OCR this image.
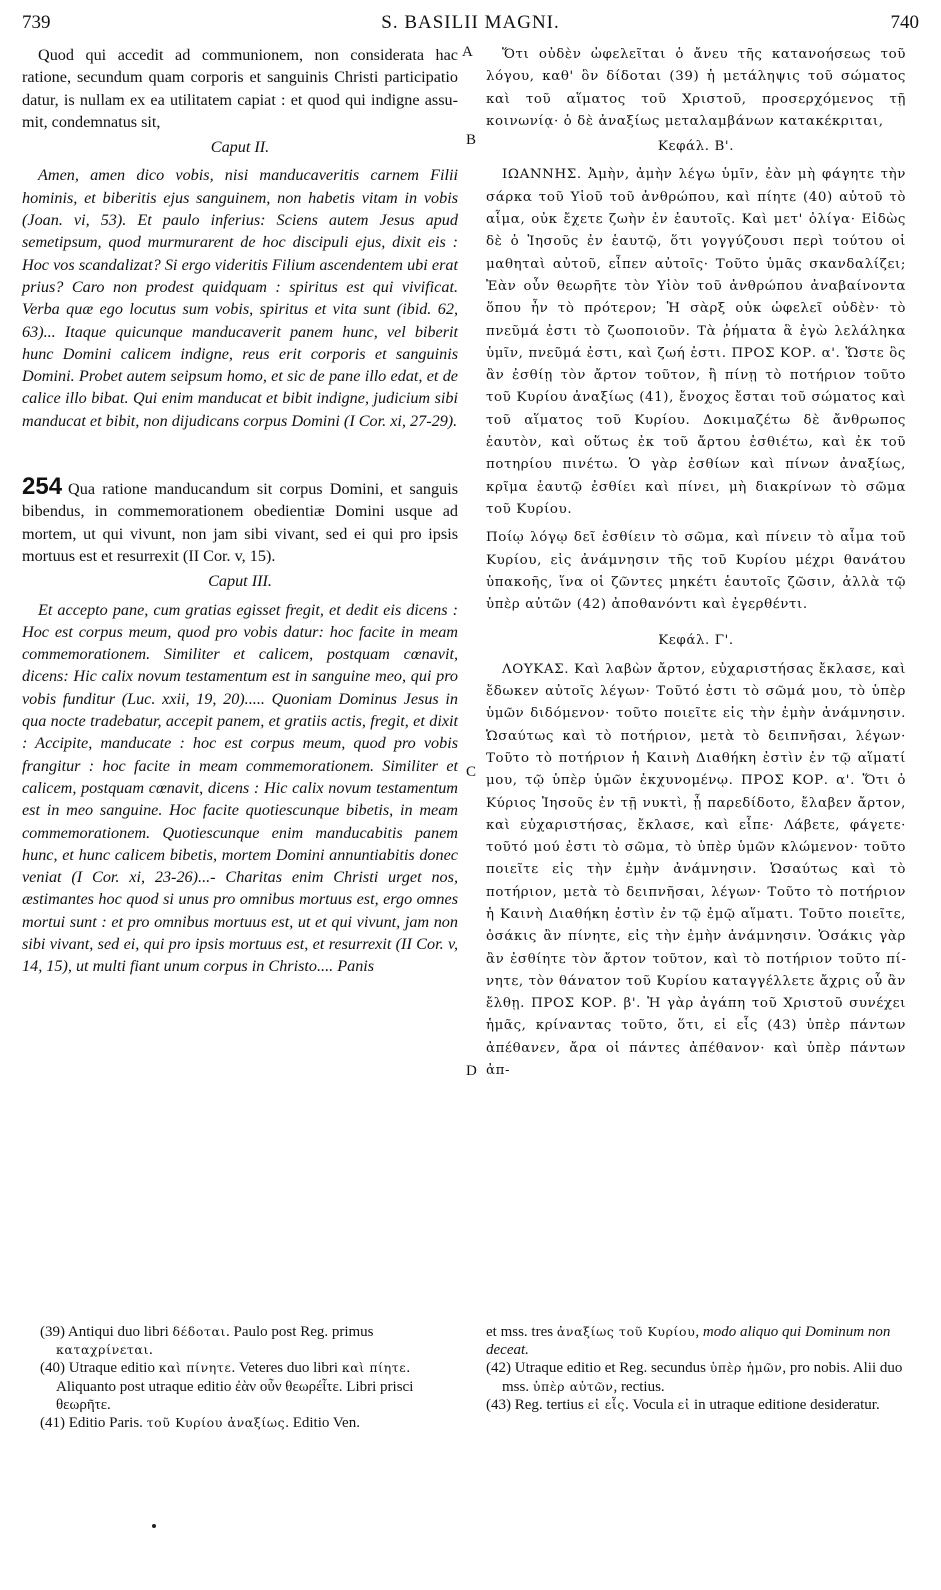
739	S. BASILII MAGNI.	740
A
B
C
D

Quod qui accedit ad communionem, non considerata hac ratione, secundum quam corporis et sanguinis Christi participatio datur, is nullam ex ea utilitatem capiat : et quod qui indigne assumit, condemnatus sit,

Caput II.

Amen, amen dico vobis, nisi manducaveritis carnem Filii hominis, et biberitis ejus sanguinem, non habetis vitam in vobis (Joan. vi, 53). Et paulo inferius: Sciens autem Jesus apud semetipsum, quod murmurarent de hoc discipuli ejus, dixit eis : Hoc vos scandalizat? Si ergo videritis Filium ascendentem ubi erat prius? Caro non prodest quidquam : spiritus est qui vivificat. Verba quæ ego locutus sum vobis, spiritus et vita sunt (ibid. 62, 63)... Itaque quicunque manducaverit panem hunc, vel biberit hunc Domini calicem indigne, reus erit corporis et sanguinis Domini. Probet autem seipsum homo, et sic de pane illo edat, et de calice illo bibat. Qui enim manducat et bibit indigne, judicium sibi manducat et bibit, non dijudicans corpus Domini (I Cor. xi, 27-29).

254 Qua ratione manducandum sit corpus Domini, et sanguis bibendus, in commemorationem obedientiæ Domini usque ad mortem, ut qui vivunt, non jam sibi vivant, sed ei qui pro ipsis mortuus est et resurrexit (II Cor. v, 15).

Caput III.

Et accepto pane, cum gratias egisset fregit, et dedit eis dicens : Hoc est corpus meum, quod pro vobis datur: hoc facite in meam commemorationem. Similiter et calicem, postquam cœnavit, dicens: Hic calix novum testamentum est in sanguine meo, qui pro vobis funditur (Luc. xxii, 19, 20)..... Quoniam Dominus Jesus in qua nocte tradebatur, accepit panem, et gratiis actis, fregit, et dixit : Accipite, manducate : hoc est corpus meum, quod pro vobis frangitur : hoc facite in meam commemorationem. Similiter et calicem, postquam cœnavit, dicens : Hic calix novum testamentum est in meo sanguine. Hoc facite quotiescunque bibetis, in meam commemorationem. Quotiescunque enim manducabitis panem hunc, et hunc calicem bibetis, mortem Domini annuntiabitis donec veniat (I Cor. xi, 23-26)...- Charitas enim Christi urget nos, æstimantes hoc quod si unus pro omnibus mortuus est, ergo omnes mortui sunt : et pro omnibus mortuus est, ut et qui vivunt, jam non sibi vivant, sed ei, qui pro ipsis mortuus est, et resurrexit (II Cor. v, 14, 15), ut multi fiant unum corpus in Christo.... Panis

Ὅτι οὐδὲν ὠφελεῖται ὁ ἄνευ τῆς κατανοήσεως τοῦ λόγου, καθ' ὃν δίδοται (39) ἡ μετάληψις τοῦ σώματος καὶ τοῦ αἵματος τοῦ Χριστοῦ, προσερχόμενος τῇ κοινωνίᾳ· ὁ δὲ ἀναξίως μεταλαμβάνων κατακέκριται,

Κεφάλ. Β'.

ΙΩΑΝΝΗΣ. Ἀμὴν, ἀμὴν λέγω ὑμῖν, ἐὰν μὴ φάγητε τὴν σάρκα τοῦ Υἱοῦ τοῦ ἀνθρώπου, καὶ πίητε (40) αὐτοῦ τὸ αἷμα, οὐκ ἔχετε ζωὴν ἐν ἑαυτοῖς. Καὶ μετ' ὀλίγα· Εἰδὼς δὲ ὁ Ἰησοῦς ἐν ἑαυτῷ, ὅτι γογγύζουσι περὶ τούτου οἱ μαθηταὶ αὐτοῦ, εἶπεν αὐτοῖς· Τοῦτο ὑμᾶς σκανδαλίζει; Ἐὰν οὖν θεωρῆτε τὸν Υἱὸν τοῦ ἀνθρώπου ἀναβαίνοντα ὅπου ἦν τὸ πρότερον; Ἡ σὰρξ οὐκ ὠφελεῖ οὐδὲν· τὸ πνεῦμά ἐστι τὸ ζωοποιοῦν. Τὰ ῥήματα ἃ ἐγὼ λελάληκα ὑμῖν, πνεῦμά ἐστι, καὶ ζωή ἐστι. ΠΡΟΣ ΚΟΡ. α'. Ὥστε ὃς ἂν ἐσθίῃ τὸν ἄρτον τοῦτον, ἢ πίνῃ τὸ ποτήριον τοῦτο τοῦ Κυρίου ἀναξίως (41), ἔνοχος ἔσται τοῦ σώματος καὶ τοῦ αἵματος τοῦ Κυρίου. Δοκιμαζέτω δὲ ἄνθρωπος ἑαυτὸν, καὶ οὕτως ἐκ τοῦ ἄρτου ἐσθιέτω, καὶ ἐκ τοῦ ποτηρίου πινέτω. Ὁ γὰρ ἐσθίων καὶ πίνων ἀναξίως, κρῖμα ἑαυτῷ ἐσθίει καὶ πίνει, μὴ διακρίνων τὸ σῶμα τοῦ Κυρίου.

Ποίῳ λόγῳ δεῖ ἐσθίειν τὸ σῶμα, καὶ πίνειν τὸ αἷμα τοῦ Κυρίου, εἰς ἀνάμνησιν τῆς τοῦ Κυρίου μέχρι θανάτου ὑπακοῆς, ἵνα οἱ ζῶντες μηκέτι ἑαυτοῖς ζῶσιν, ἀλλὰ τῷ ὑπὲρ αὐτῶν (42) ἀποθανόντι καὶ ἐγερθέντι.

Κεφάλ. Γ'.

ΛΟΥΚΑΣ. Καὶ λαβὼν ἄρτον, εὐχαριστήσας ἔκλασε, καὶ ἔδωκεν αὐτοῖς λέγων· Τοῦτό ἐστι τὸ σῶμά μου, τὸ ὑπὲρ ὑμῶν διδόμενον· τοῦτο ποιεῖτε εἰς τὴν ἐμὴν ἀνάμνησιν. Ὡσαύτως καὶ τὸ ποτήριον, μετὰ τὸ δειπνῆσαι, λέγων· Τοῦτο τὸ ποτήριον ἡ Καινὴ Διαθήκη ἐστὶν ἐν τῷ αἵματί μου, τῷ ὑπὲρ ὑμῶν ἐκχυνομένῳ. ΠΡΟΣ ΚΟΡ. α'. Ὅτι ὁ Κύριος Ἰησοῦς ἐν τῇ νυκτὶ, ᾗ παρεδίδοτο, ἔλαβεν ἄρτον, καὶ εὐχαριστήσας, ἔκλασε, καὶ εἶπε· Λάβετε, φάγετε· τοῦτό μού ἐστι τὸ σῶμα, τὸ ὑπὲρ ὑμῶν κλώμενον· τοῦτο ποιεῖτε εἰς τὴν ἐμὴν ἀνάμνησιν. Ὡσαύτως καὶ τὸ ποτήριον, μετὰ τὸ δειπνῆσαι, λέγων· Τοῦτο τὸ ποτήριον ἡ Καινὴ Διαθήκη ἐστὶν ἐν τῷ ἐμῷ αἵματι. Τοῦτο ποιεῖτε, ὁσάκις ἂν πίνητε, εἰς τὴν ἐμὴν ἀνάμνησιν. Ὁσάκις γὰρ ἂν ἐσθίητε τὸν ἄρτον τοῦτον, καὶ τὸ ποτήριον τοῦτο πίνητε, τὸν θάνατον τοῦ Κυρίου καταγγέλλετε ἄχρις οὗ ἂν ἔλθῃ. ΠΡΟΣ ΚΟΡ. β'. Ἡ γὰρ ἀγάπη τοῦ Χριστοῦ συνέχει ἡμᾶς, κρίναντας τοῦτο, ὅτι, εἰ εἷς (43) ὑπὲρ πάντων ἀπέθανεν, ἄρα οἱ πάντες ἀπέθανον· καὶ ὑπὲρ πάντων ἀπ-

(39) Antiqui duo libri δέδοται. Paulo post Reg. primus καταχρίνεται.

(40) Utraque editio καὶ πίνητε. Veteres duo libri καὶ πίητε. Aliquanto post utraque editio ἐὰν οὖν θεωρέἶτε. Libri prisci θεωρῆτε.

(41) Editio Paris. τοῦ Κυρίου ἀναξίως. Editio Ven.

et mss. tres ἀναξίως τοῦ Κυρίου, modo aliquo qui Dominum non deceat.

(42) Utraque editio et Reg. secundus ὑπὲρ ἡμῶν, pro nobis. Alii duo mss. ὑπὲρ αὐτῶν, rectius.

(43) Reg. tertius εἰ εἷς. Vocula εἰ in utraque editione desideratur.
